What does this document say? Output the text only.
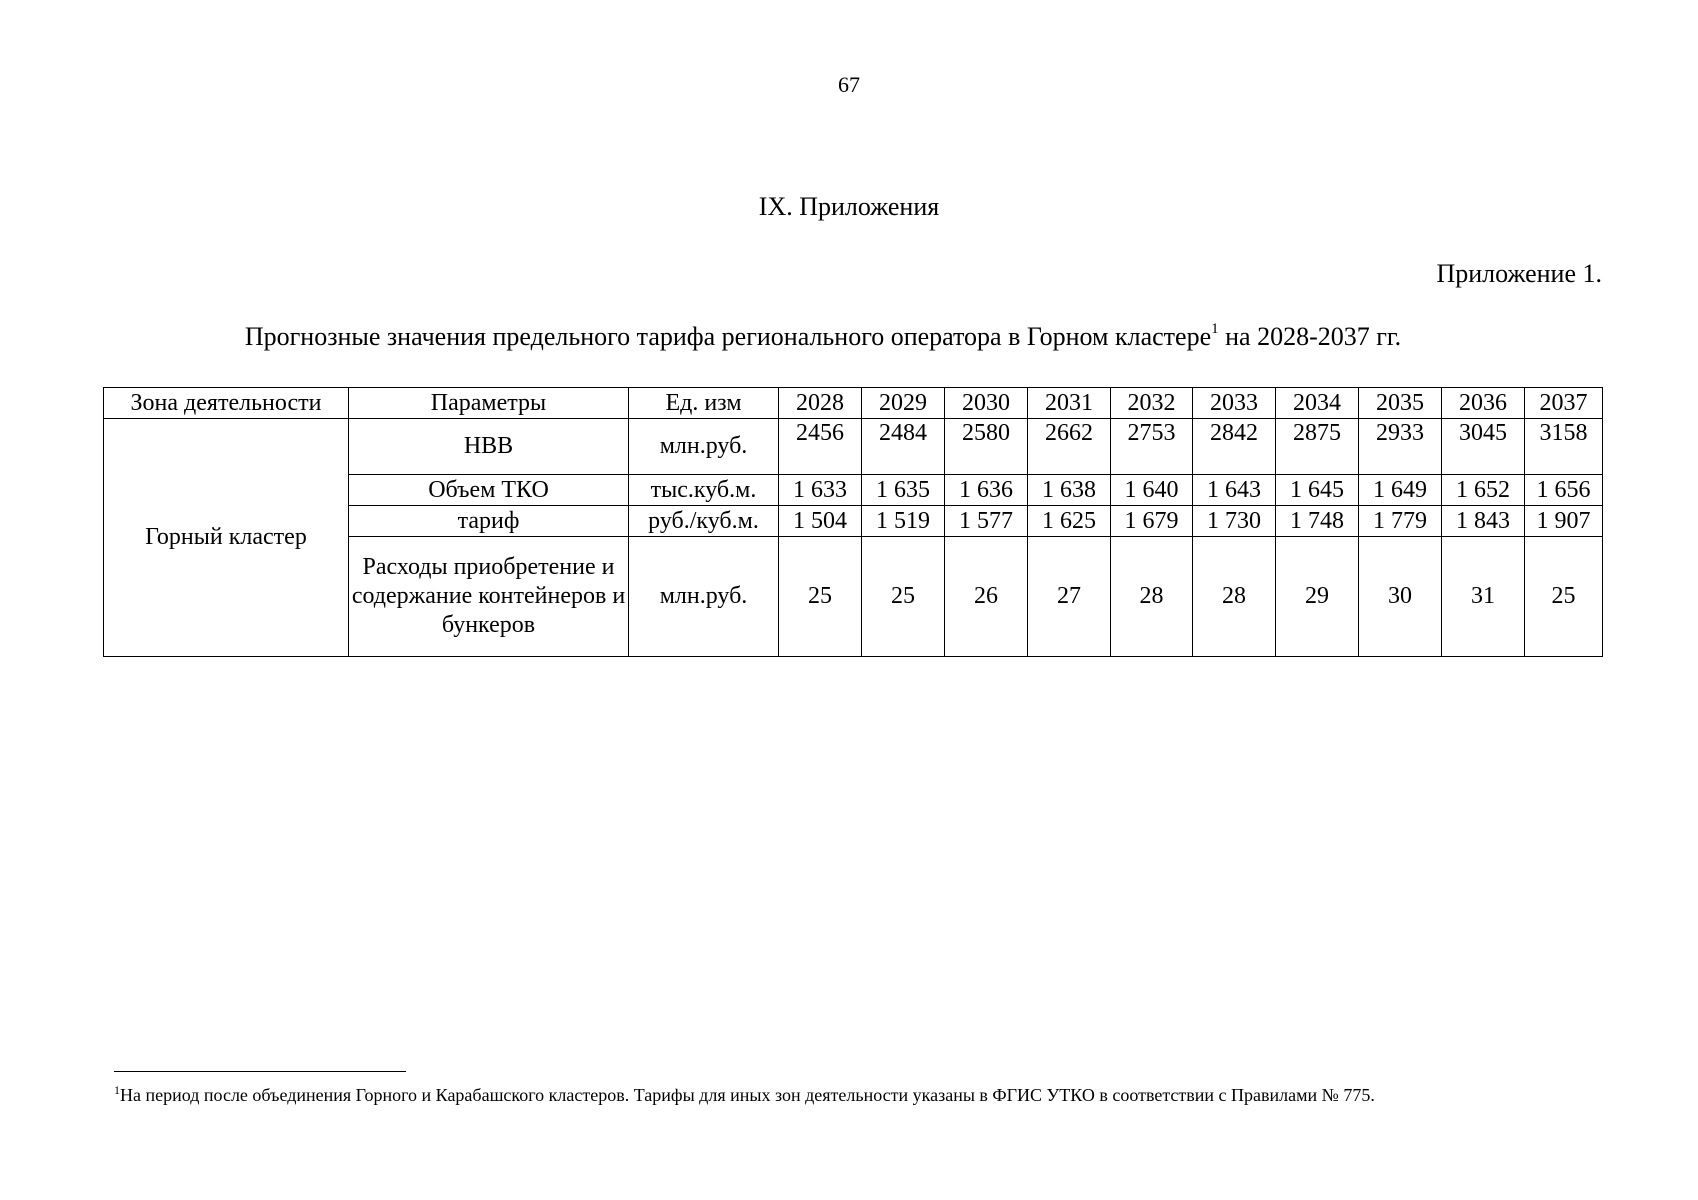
67
IX. Приложения
Приложение 1.
Прогнозные значения предельного тарифа регионального оператора в Горном кластере$^1$ на 2028-2037 гг.
Зона деятельности	Параметры	Ед. изм	2028	2029	2030	2031	2032	2033	2034	2035	2036	2037
Горный кластер	НВВ	млн.руб.	2456	2484	2580	2662	2753	2842	2875	2933	3045	3158
	Объем ТКО	тыс.куб.м.	1 633	1 635	1 636	1 638	1 640	1 643	1 645	1 649	1 652	1 656
	тариф	руб./куб.м.	1 504	1 519	1 577	1 625	1 679	1 730	1 748	1 779	1 843	1 907
	Расходы приобретение и содержание контейнеров и бункеров	млн.руб.	25	25	26	27	28	28	29	30	31	25
$^1$На период после объединения Горного и Карабашского кластеров. Тарифы для иных зон деятельности указаны в ФГИС УТКО в соответствии с Правилами № 775.
